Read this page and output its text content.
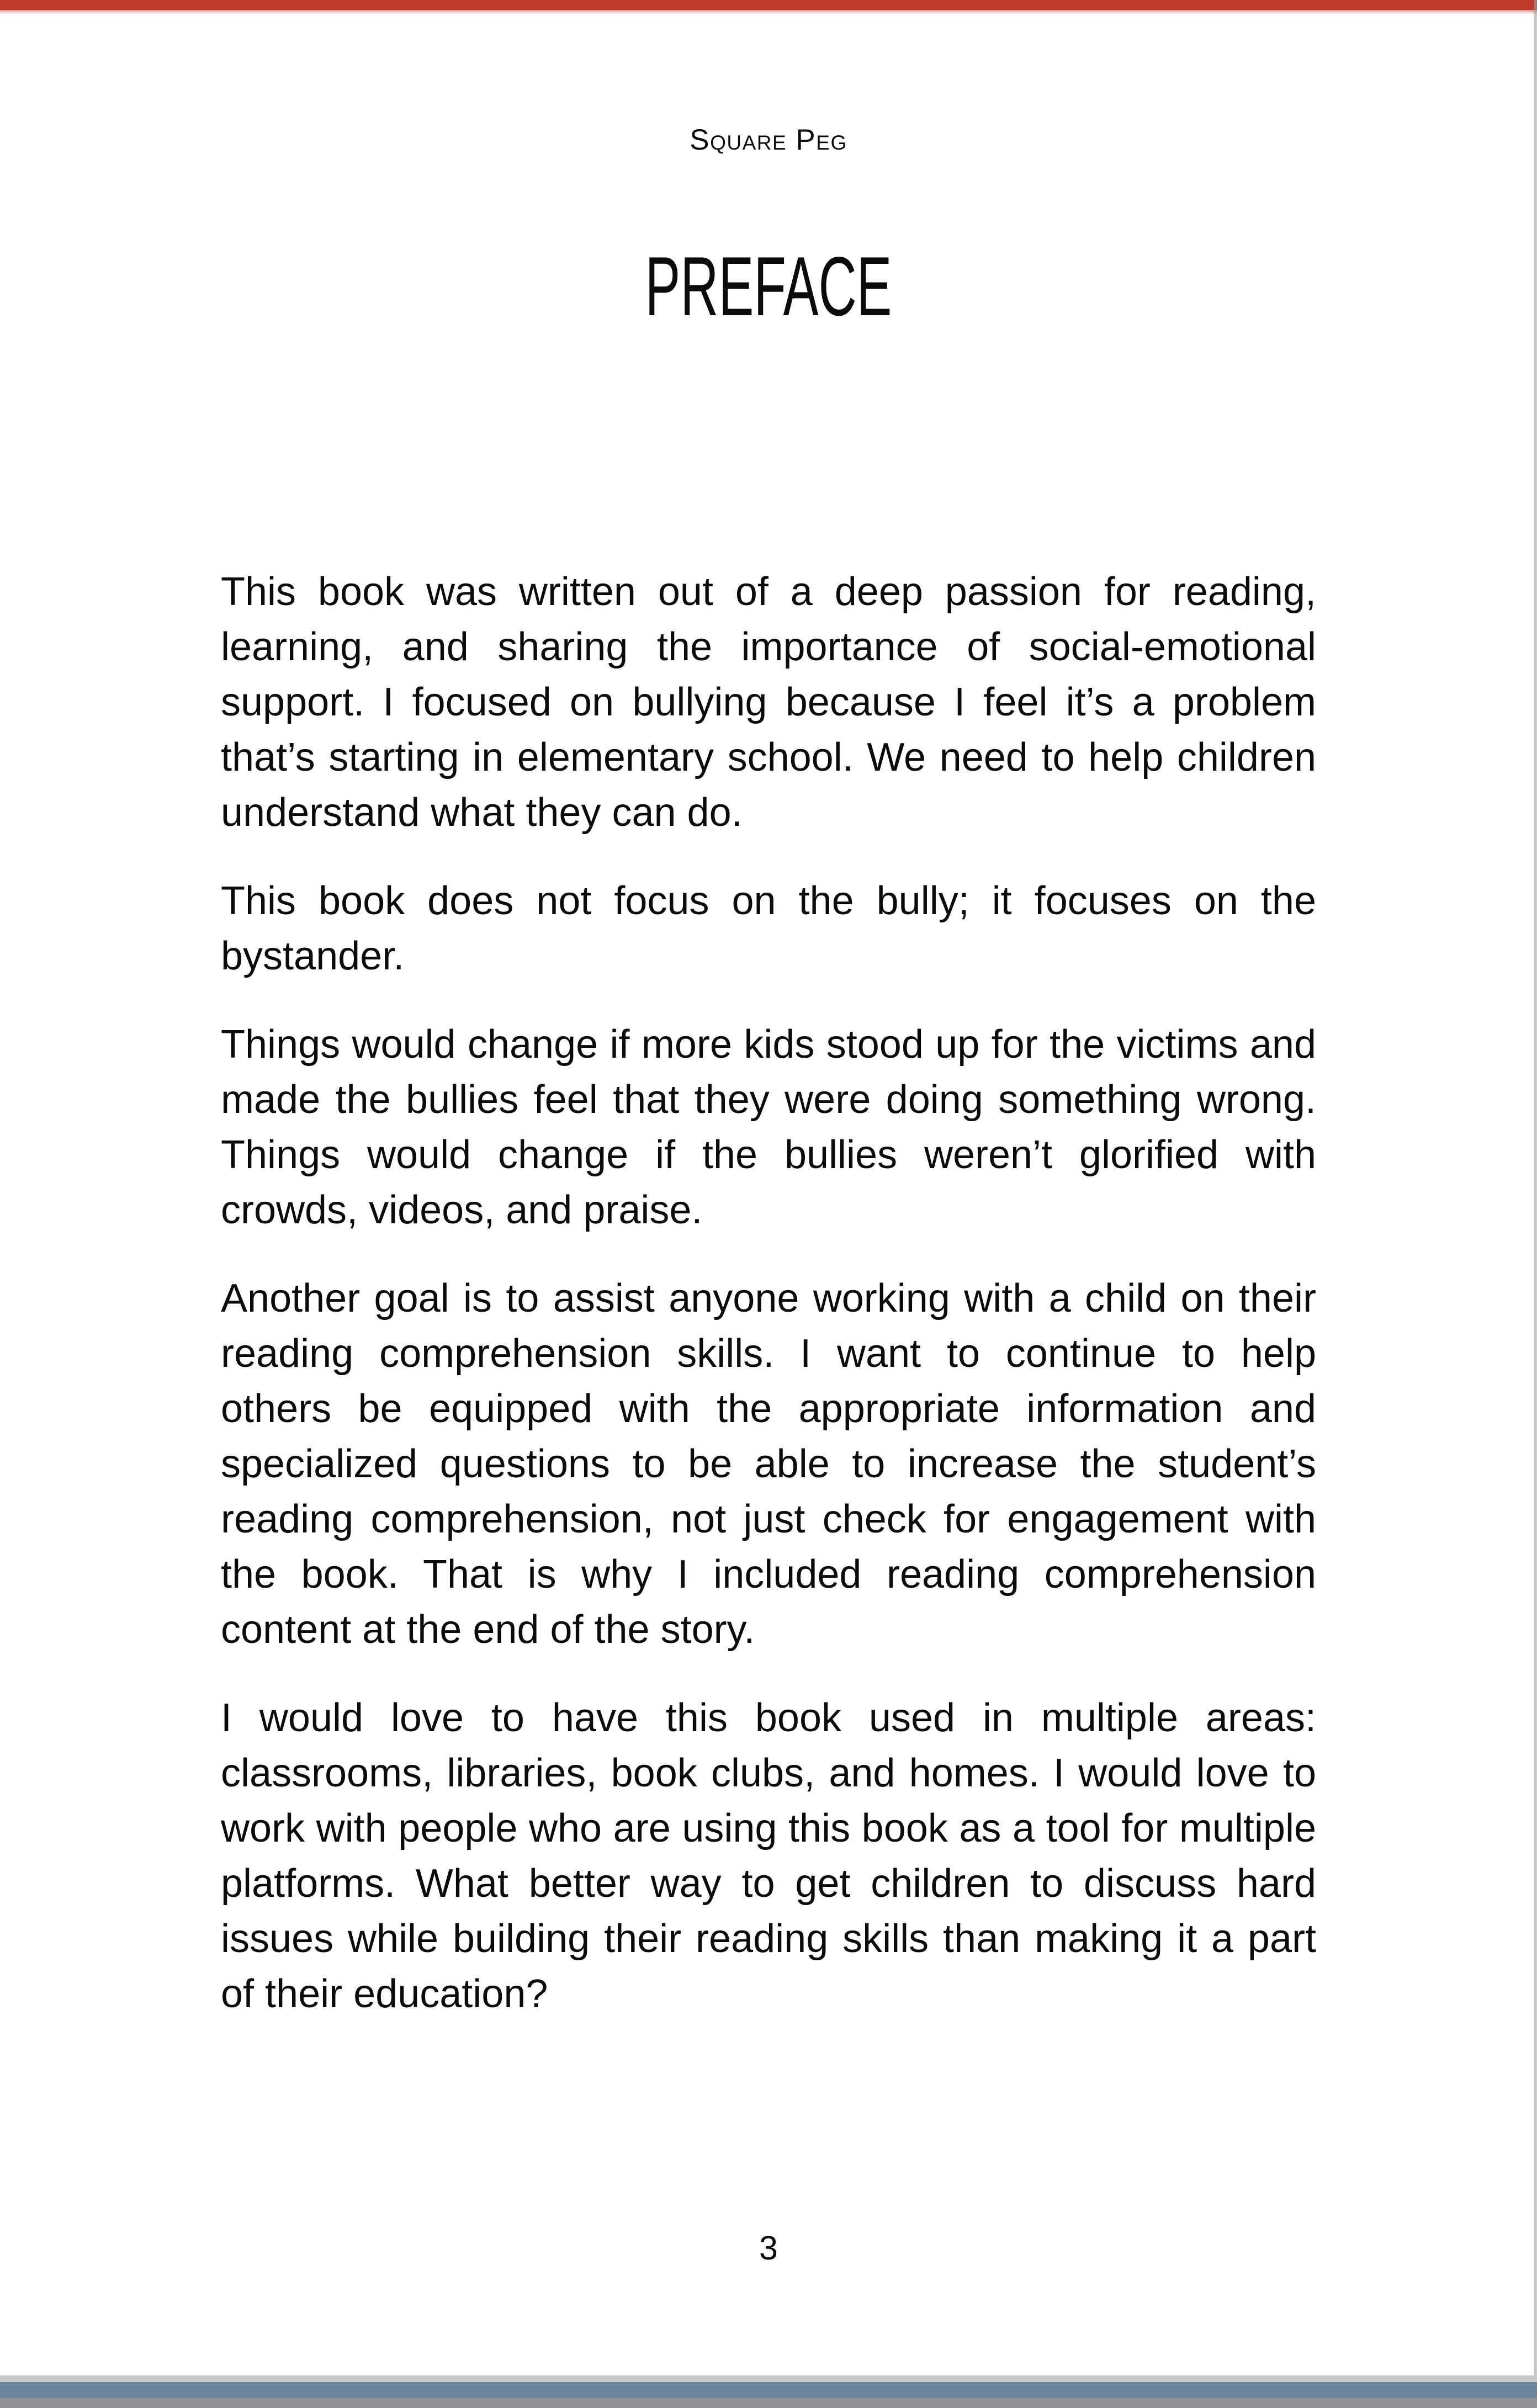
Square Peg
PREFACE

This book was written out of a deep passion for reading, learning, and sharing the importance of social-emotional support. I focused on bullying because I feel it’s a problem that’s starting in elementary school. We need to help children understand what they can do.

This book does not focus on the bully; it focuses on the bystander.

Things would change if more kids stood up for the victims and made the bullies feel that they were doing something wrong. Things would change if the bullies weren’t glorified with crowds, videos, and praise.

Another goal is to assist anyone working with a child on their reading comprehension skills. I want to continue to help others be equipped with the appropriate information and specialized questions to be able to increase the student’s reading comprehension, not just check for engagement with the book. That is why I included reading comprehension content at the end of the story.

I would love to have this book used in multiple areas: classrooms, libraries, book clubs, and homes. I would love to work with people who are using this book as a tool for multiple platforms. What better way to get children to discuss hard issues while building their reading skills than making it a part of their education?

3
